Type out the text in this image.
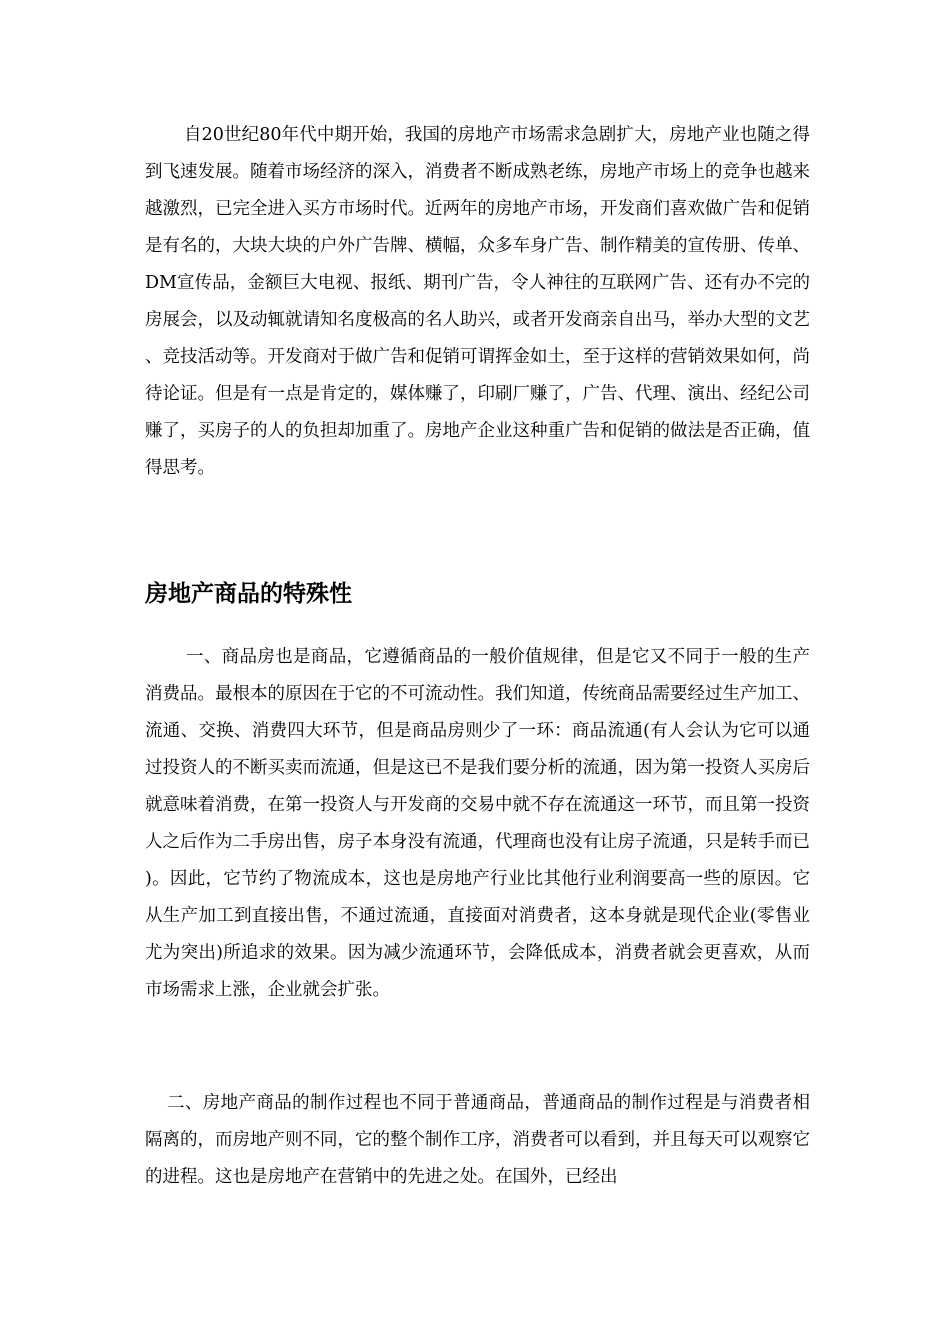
自20世纪80年代中期开始，我国的房地产市场需求急剧扩大，房地产业也随之得到飞速发展。随着市场经济的深入，消费者不断成熟老练，房地产市场上的竞争也越来越激烈，已完全进入买方市场时代。近两年的房地产市场，开发商们喜欢做广告和促销是有名的，大块大块的户外广告牌、横幅，众多车身广告、制作精美的宣传册、传单、DM宣传品，金额巨大电视、报纸、期刊广告，令人神往的互联网广告、还有办不完的房展会，以及动辄就请知名度极高的名人助兴，或者开发商亲自出马，举办大型的文艺、竞技活动等。开发商对于做广告和促销可谓挥金如土，至于这样的营销效果如何，尚待论证。但是有一点是肯定的，媒体赚了，印刷厂赚了，广告、代理、演出、经纪公司赚了，买房子的人的负担却加重了。房地产企业这种重广告和促销的做法是否正确，值得思考。

房地产商品的特殊性

一、商品房也是商品，它遵循商品的一般价值规律，但是它又不同于一般的生产消费品。最根本的原因在于它的不可流动性。我们知道，传统商品需要经过生产加工、流通、交换、消费四大环节，但是商品房则少了一环：商品流通(有人会认为它可以通过投资人的不断买卖而流通，但是这已不是我们要分析的流通，因为第一投资人买房后就意味着消费，在第一投资人与开发商的交易中就不存在流通这一环节，而且第一投资人之后作为二手房出售，房子本身没有流通，代理商也没有让房子流通，只是转手而已)。因此，它节约了物流成本，这也是房地产行业比其他行业利润要高一些的原因。它从生产加工到直接出售，不通过流通，直接面对消费者，这本身就是现代企业(零售业尤为突出)所追求的效果。因为减少流通环节，会降低成本，消费者就会更喜欢，从而市场需求上涨，企业就会扩张。

二、房地产商品的制作过程也不同于普通商品，普通商品的制作过程是与消费者相隔离的，而房地产则不同，它的整个制作工序，消费者可以看到，并且每天可以观察它的进程。这也是房地产在营销中的先进之处。在国外，已经出
